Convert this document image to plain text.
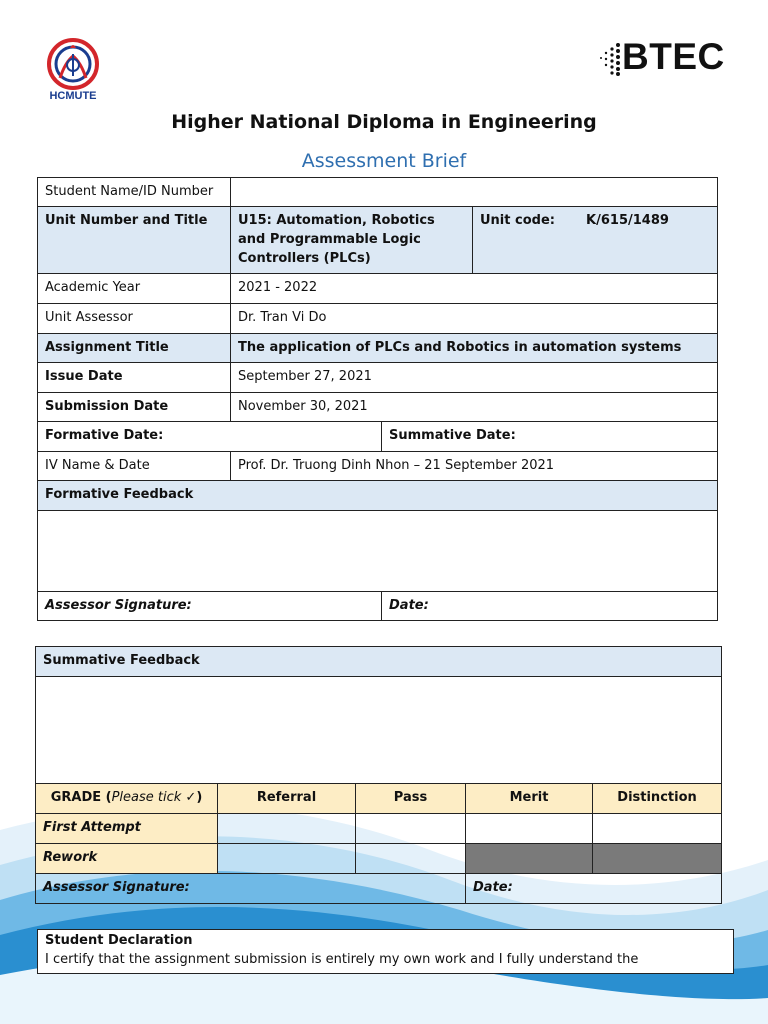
HCMUTE
BTEC
Higher National Diploma in Engineering
Assessment Brief
Student Name/ID Number		
Unit Number and Title	U15: Automation, Robotics and Programmable Logic Controllers (PLCs)	Unit code: K/615/1489
Academic Year	2021 - 2022	
Unit Assessor	Dr. Tran Vi Do	
Assignment Title	The application of PLCs and Robotics in automation systems	
Issue Date	September 27, 2021	
Submission Date	November 30, 2021	
Formative Date:		Summative Date:
IV Name & Date	Prof. Dr. Truong Dinh Nhon – 21 September 2021	
Formative Feedback		

Assessor Signature:		Date:
Summative Feedback				

GRADE (Please tick ✓)	Referral	Pass	Merit	Distinction
First Attempt				
Rework				
Assessor Signature:			Date:	
Student Declaration
I certify that the assignment submission is entirely my own work and I fully understand the
